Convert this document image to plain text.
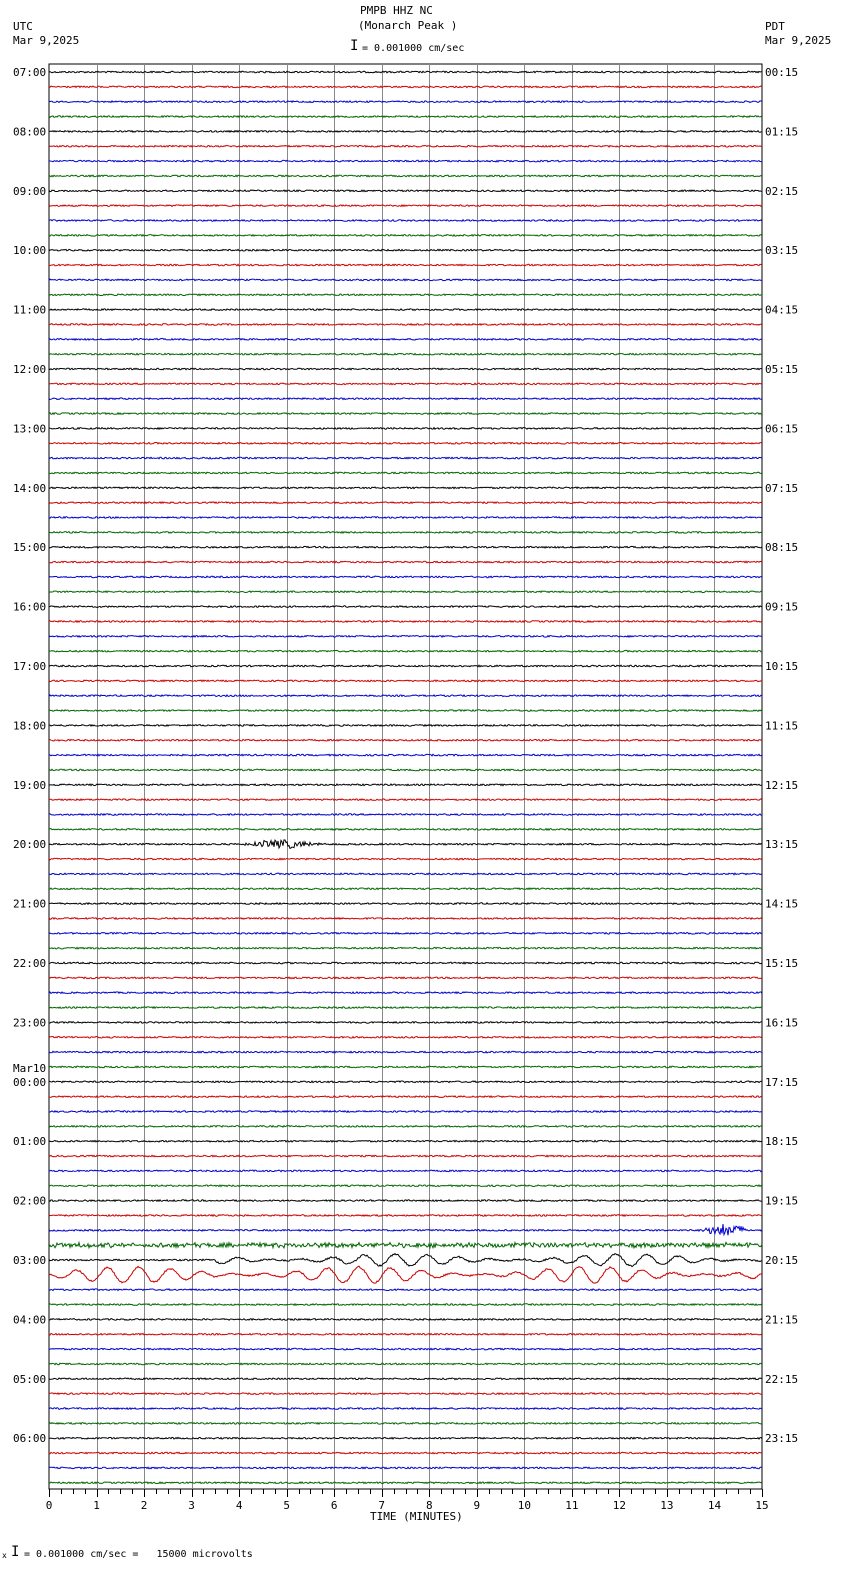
07:00
08:00
09:00
10:00
11:00
12:00
13:00
14:00
15:00
16:00
17:00
18:00
19:00
20:00
21:00
22:00
23:00
00:00
01:00
02:00
03:00
04:00
05:00
06:00
Mar10
00:15
01:15
02:15
03:15
04:15
05:15
06:15
07:15
08:15
09:15
10:15
11:15
12:15
13:15
14:15
15:15
16:15
17:15
18:15
19:15
20:15
21:15
22:15
23:15
0	1	2	3	4	5	6	7	8	9	10	11	12	13	14	15
PMPB HHZ NC
(Monarch Peak )
I = 0.001000 cm/sec
UTC
Mar 9,2025
PDT
Mar 9,2025
TIME (MINUTES)
x I = 0.001000 cm/sec =   15000 microvolts
